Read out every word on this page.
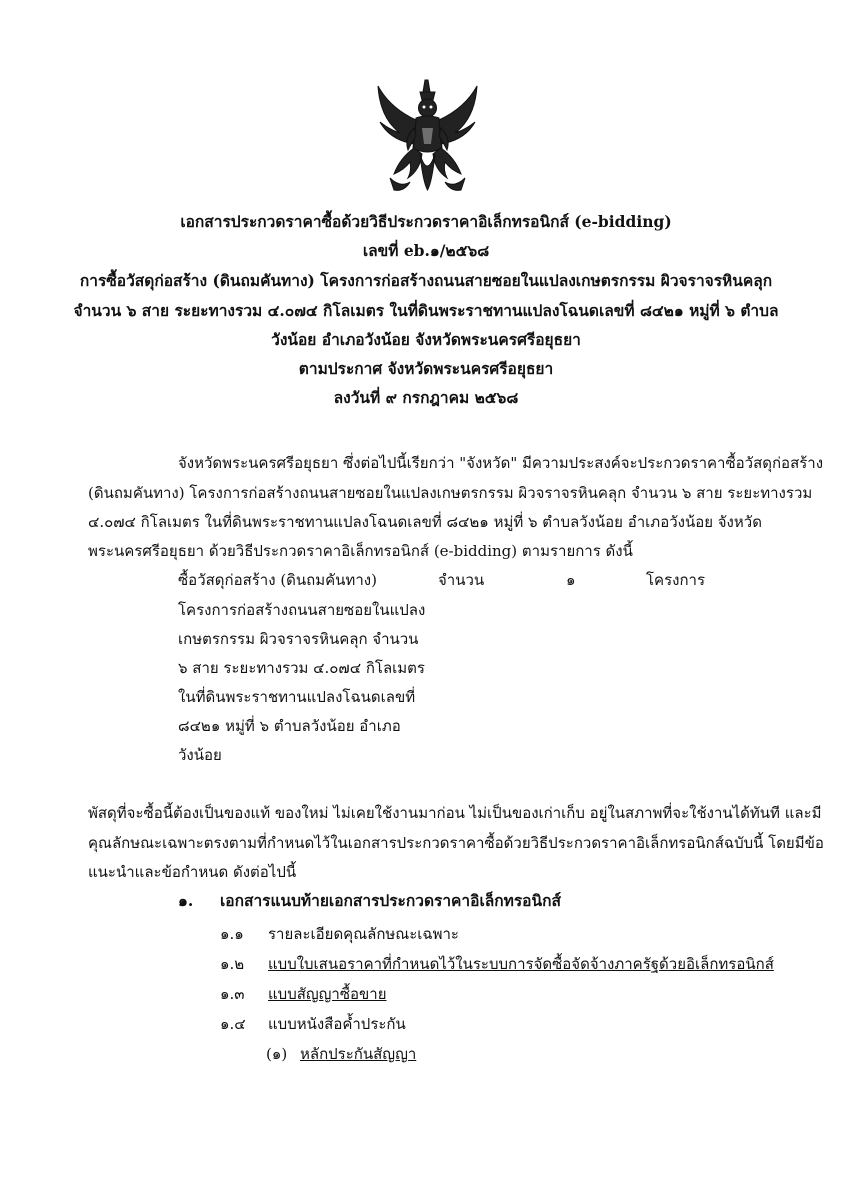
เอกสารประกวดราคาซื้อด้วยวิธีประกวดราคาอิเล็กทรอนิกส์ (e-bidding)
เลขที่ eb.๑/๒๕๖๘
การซื้อวัสดุก่อสร้าง (ดินถมคันทาง) โครงการก่อสร้างถนนสายซอยในแปลงเกษตรกรรม ผิวจราจรหินคลุก
จำนวน ๖ สาย ระยะทางรวม ๔.๐๗๔ กิโลเมตร ในที่ดินพระราชทานแปลงโฉนดเลขที่ ๘๔๒๑ หมู่ที่ ๖ ตำบล
วังน้อย อำเภอวังน้อย จังหวัดพระนครศรีอยุธยา
ตามประกาศ จังหวัดพระนครศรีอยุธยา
ลงวันที่ ๙ กรกฎาคม ๒๕๖๘
จังหวัดพระนครศรีอยุธยา ซึ่งต่อไปนี้เรียกว่า "จังหวัด" มีความประสงค์จะประกวดราคาซื้อวัสดุก่อสร้าง
(ดินถมคันทาง) โครงการก่อสร้างถนนสายซอยในแปลงเกษตรกรรม ผิวจราจรหินคลุก จำนวน ๖ สาย ระยะทางรวม
๔.๐๗๔ กิโลเมตร ในที่ดินพระราชทานแปลงโฉนดเลขที่ ๘๔๒๑ หมู่ที่ ๖ ตำบลวังน้อย อำเภอวังน้อย จังหวัด
พระนครศรีอยุธยา ด้วยวิธีประกวดราคาอิเล็กทรอนิกส์ (e-bidding) ตามรายการ ดังนี้
ซื้อวัสดุก่อสร้าง (ดินถมคันทาง)
โครงการก่อสร้างถนนสายซอยในแปลง
เกษตรกรรม ผิวจราจรหินคลุก จำนวน
๖ สาย ระยะทางรวม ๔.๐๗๔ กิโลเมตร
ในที่ดินพระราชทานแปลงโฉนดเลขที่
๘๔๒๑ หมู่ที่ ๖ ตำบลวังน้อย อำเภอ
วังน้อย
จำนวน	๑	โครงการ
พัสดุที่จะซื้อนี้ต้องเป็นของแท้ ของใหม่ ไม่เคยใช้งานมาก่อน ไม่เป็นของเก่าเก็บ อยู่ในสภาพที่จะใช้งานได้ทันที และมี
คุณลักษณะเฉพาะตรงตามที่กำหนดไว้ในเอกสารประกวดราคาซื้อด้วยวิธีประกวดราคาอิเล็กทรอนิกส์ฉบับนี้ โดยมีข้อ
แนะนำและข้อกำหนด ดังต่อไปนี้
๑. เอกสารแนบท้ายเอกสารประกวดราคาอิเล็กทรอนิกส์
๑.๑ รายละเอียดคุณลักษณะเฉพาะ
๑.๒ แบบใบเสนอราคาที่กำหนดไว้ในระบบการจัดซื้อจัดจ้างภาครัฐด้วยอิเล็กทรอนิกส์
๑.๓ แบบสัญญาซื้อขาย
๑.๔ แบบหนังสือค้ำประกัน
(๑) หลักประกันสัญญา
